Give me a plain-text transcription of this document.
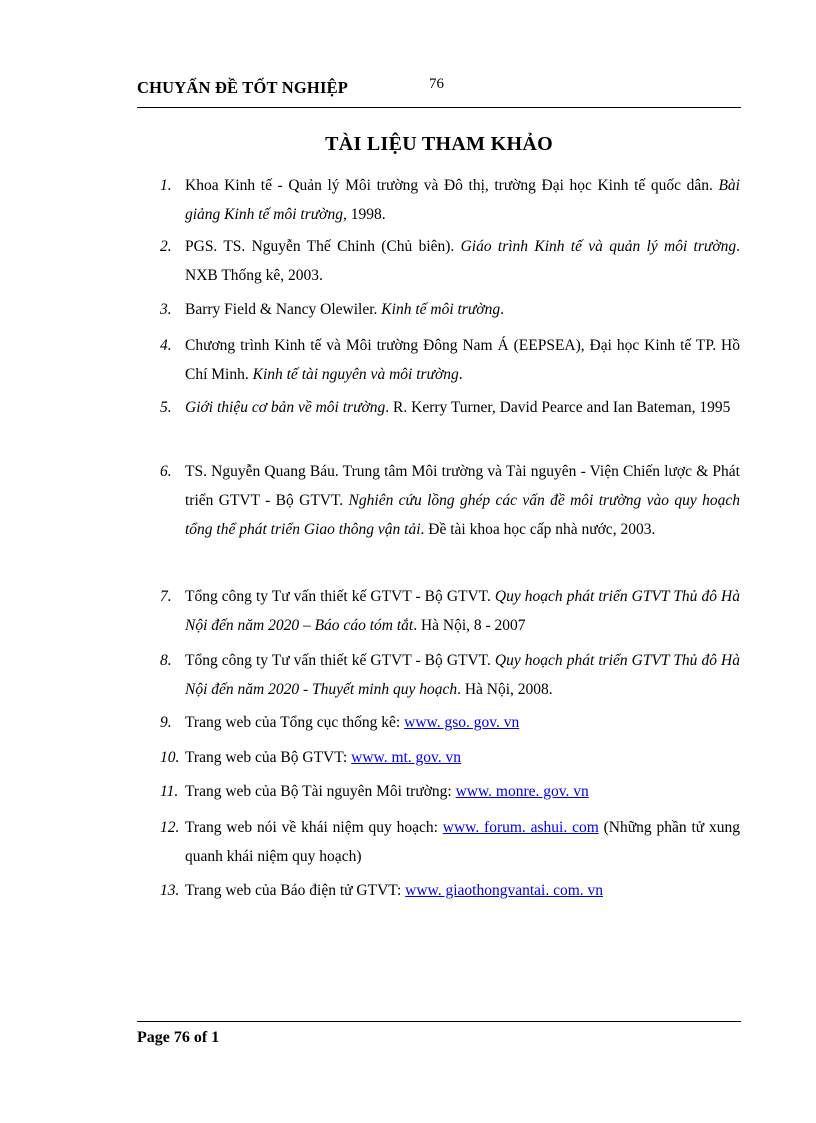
CHUYẤN ĐỀ TỐT NGHIỆP	76
TÀI LIỆU THAM KHẢO
1. Khoa Kinh tế - Quản lý Môi trường và Đô thị, trường Đại học Kinh tế quốc dân. Bài giảng Kinh tế môi trường, 1998.
2. PGS. TS. Nguyễn Thế Chinh (Chủ biên). Giáo trình Kinh tế và quản lý môi trường. NXB Thống kê, 2003.
3. Barry Field & Nancy Olewiler. Kinh tế môi trường.
4. Chương trình Kinh tế và Môi trường Đông Nam Á (EEPSEA), Đại học Kinh tế TP. Hồ Chí Minh. Kinh tế tài nguyên và môi trường.
5. Giới thiệu cơ bản về môi trường. R. Kerry Turner, David Pearce and Ian Bateman, 1995
6. TS. Nguyễn Quang Báu. Trung tâm Môi trường và Tài nguyên - Viện Chiến lược & Phát triển GTVT - Bộ GTVT. Nghiên cứu lồng ghép các vấn đề môi trường vào quy hoạch tổng thể phát triển Giao thông vận tải. Đề tài khoa học cấp nhà nước, 2003.
7. Tổng công ty Tư vấn thiết kế GTVT - Bộ GTVT. Quy hoạch phát triển GTVT Thủ đô Hà Nội đến năm 2020 – Báo cáo tóm tắt. Hà Nội, 8 - 2007
8. Tổng công ty Tư vấn thiết kế GTVT - Bộ GTVT. Quy hoạch phát triển GTVT Thủ đô Hà Nội đến năm 2020 - Thuyết minh quy hoạch. Hà Nội, 2008.
9. Trang web của Tổng cục thống kê: www. gso. gov. vn
10. Trang web của Bộ GTVT: www. mt. gov. vn
11. Trang web của Bộ Tài nguyên Môi trường: www. monre. gov. vn
12. Trang web nói về khái niệm quy hoạch: www. forum. ashui. com (Những phần tử xung quanh khái niệm quy hoạch)
13. Trang web của Báo điện tử GTVT: www. giaothongvantai. com. vn
Page 76 of 1
